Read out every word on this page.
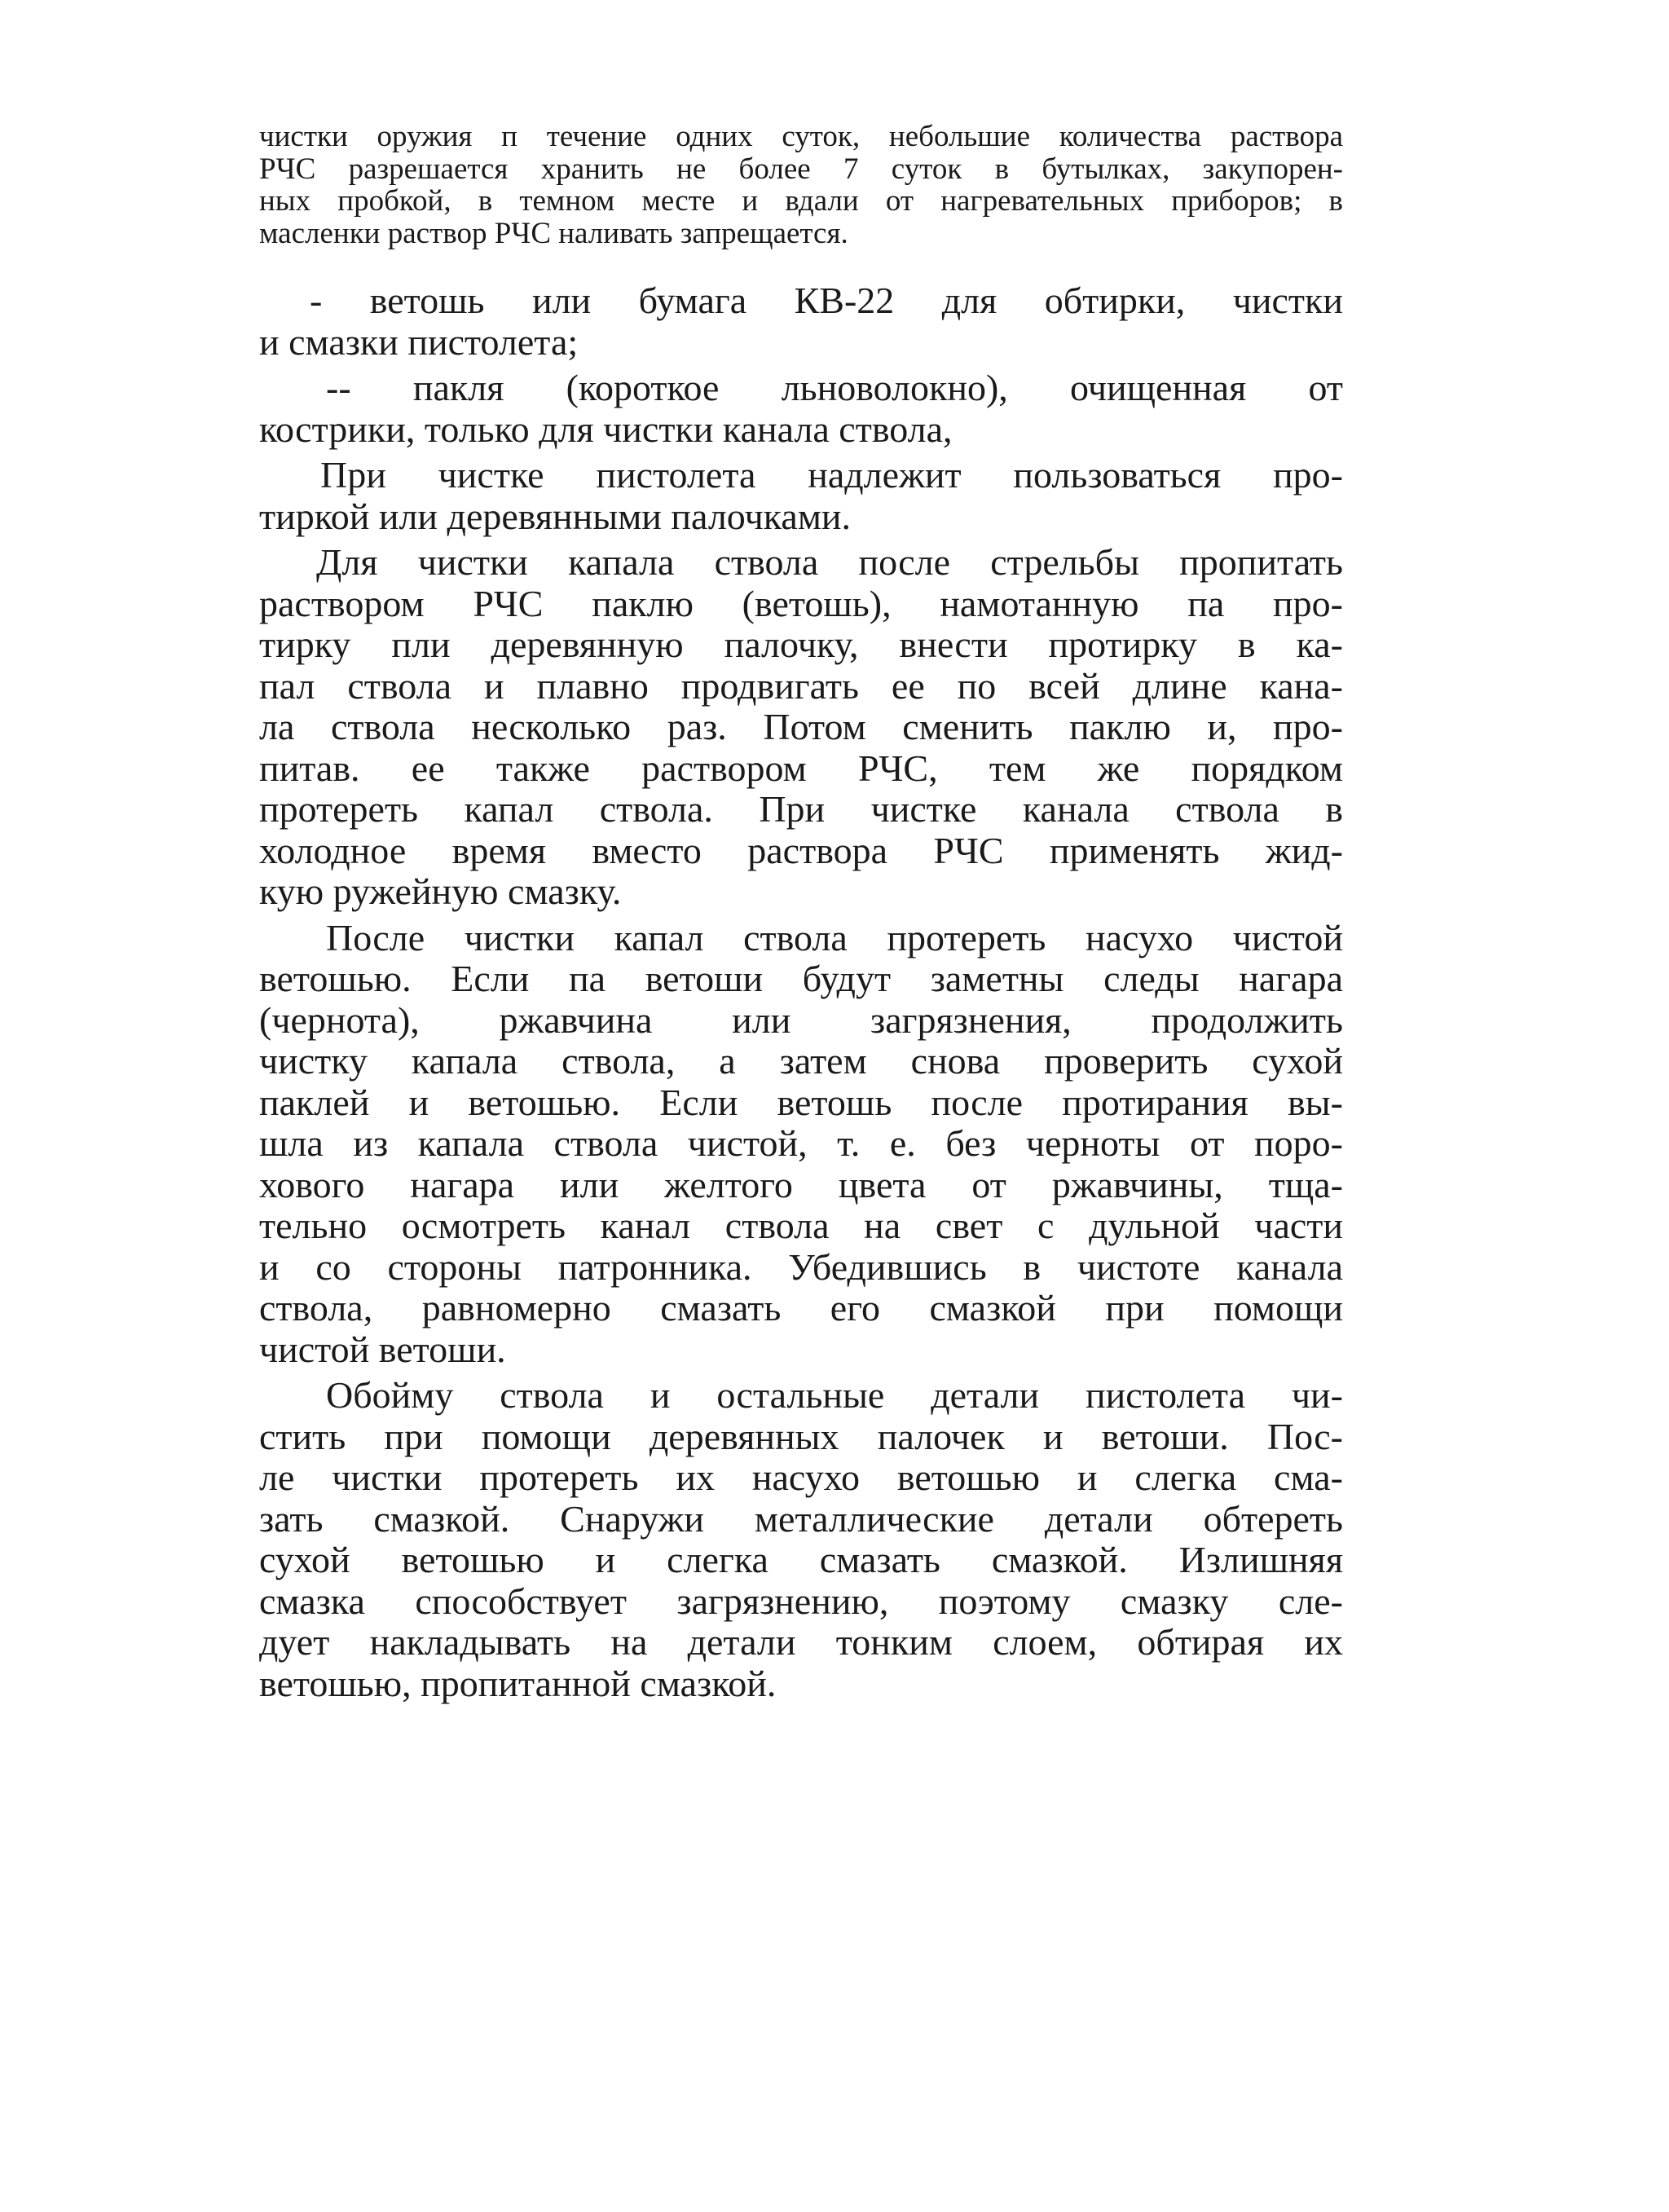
чистки оружия п течение одних суток, небольшие количества раствора
РЧС разрешается хранить не более 7 суток в бутылках, закупорен-
ных пробкой, в темном месте и вдали от нагревательных приборов; в
масленки раствор РЧС наливать запрещается.
- ветошь или бумага КВ-22 для обтирки, чистки
и смазки пистолета;
-- пакля (короткое льноволокно), очищенная от
кострики, только для чистки канала ствола,
При чистке пистолета надлежит пользоваться про-
тиркой или деревянными палочками.
Для чистки капала ствола после стрельбы пропитать
раствором РЧС паклю (ветошь), намотанную па про-
тирку пли деревянную палочку, внести протирку в ка-
пал ствола и плавно продвигать ее по всей длине кана-
ла ствола несколько раз. Потом сменить паклю и, про-
питав. ее также раствором РЧС, тем же порядком
протереть капал ствола. При чистке канала ствола в
холодное время вместо раствора РЧС применять жид-
кую ружейную смазку.
После чистки капал ствола протереть насухо чистой
ветошью. Если па ветоши будут заметны следы нагара
(чернота), ржавчина или загрязнения, продолжить
чистку капала ствола, а затем снова проверить сухой
паклей и ветошью. Если ветошь после протирания вы-
шла из капала ствола чистой, т. е. без черноты от поро-
хового нагара или желтого цвета от ржавчины, тща-
тельно осмотреть канал ствола на свет с дульной части
и со стороны патронника. Убедившись в чистоте канала
ствола, равномерно смазать его смазкой при помощи
чистой ветоши.
Обойму ствола и остальные детали пистолета чи-
стить при помощи деревянных палочек и ветоши. Пос-
ле чистки протереть их насухо ветошью и слегка сма-
зать смазкой. Снаружи металлические детали обтереть
сухой ветошью и слегка смазать смазкой. Излишняя
смазка способствует загрязнению, поэтому смазку сле-
дует накладывать на детали тонким слоем, обтирая их
ветошью, пропитанной смазкой.
